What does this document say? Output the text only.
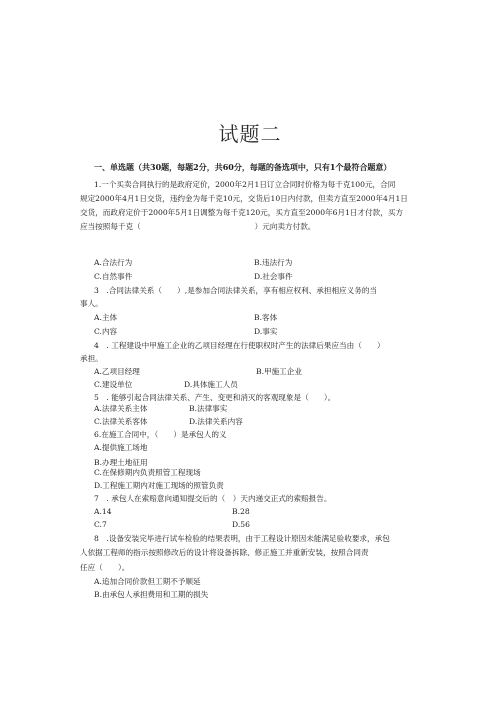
试题二
一、单选题（共30题，每题2分，共60分，每题的备选项中，只有1个最符合题意）
1.一个买卖合同执行的是政府定价，2000年2月1日订立合同时价格为每千克100元，合同
规定2000年4月1日交货，违约金为每千克10元，交货后10日内付款，但卖方直至2000年4月1日
交货，而政府定价于2000年5月1日调整为每千克120元，买方直至2000年6月1日才付款，买方
应当按照每千克（　　　　　　　　　　　　　　　）元向卖方付款。
A.合法行为	B.违法行为
C.自然事件	D.社会事件
3　.合同法律关系（　　）,是参加合同法律关系，享有相应权利、承担相应义务的当
事人。
A.主体	B.客体
C.内容	D.事实
4　. 工程建设中甲施工企业的乙项目经理在行使职权时产生的法律后果应当由（　　）
承担。
A.乙项目经理	B.甲施工企业
C.建设单位	D.具体施工人员
5　. 能够引起合同法律关系、产生、变更和消灭的客观现象是（　　）。
A.法律关系主体	B.法律事实
C.法律关系客体	D.法律关系内容
6.在施工合同中，（　　）是承包人的义
A.提供施工场地
B.办理土地征用
C.在保修期内负责照管工程现场
D.工程施工期内对施工现场的照管负责
7　. 承包人在索赔意向通知提交后的（　）天内递交正式的索赔报告。
A.14	B.28
C.7	D.56
8　.设备安装完毕进行试车检验的结果表明，由于工程设计原因未能满足验收要求，承包
人依据工程师的指示按照修改后的设计将设备拆除、修正施工并重新安装，按照合同责
任应（　　）。
A.追加合同价款但工期不予顺延
B.由承包人承担费用和工期的损失
